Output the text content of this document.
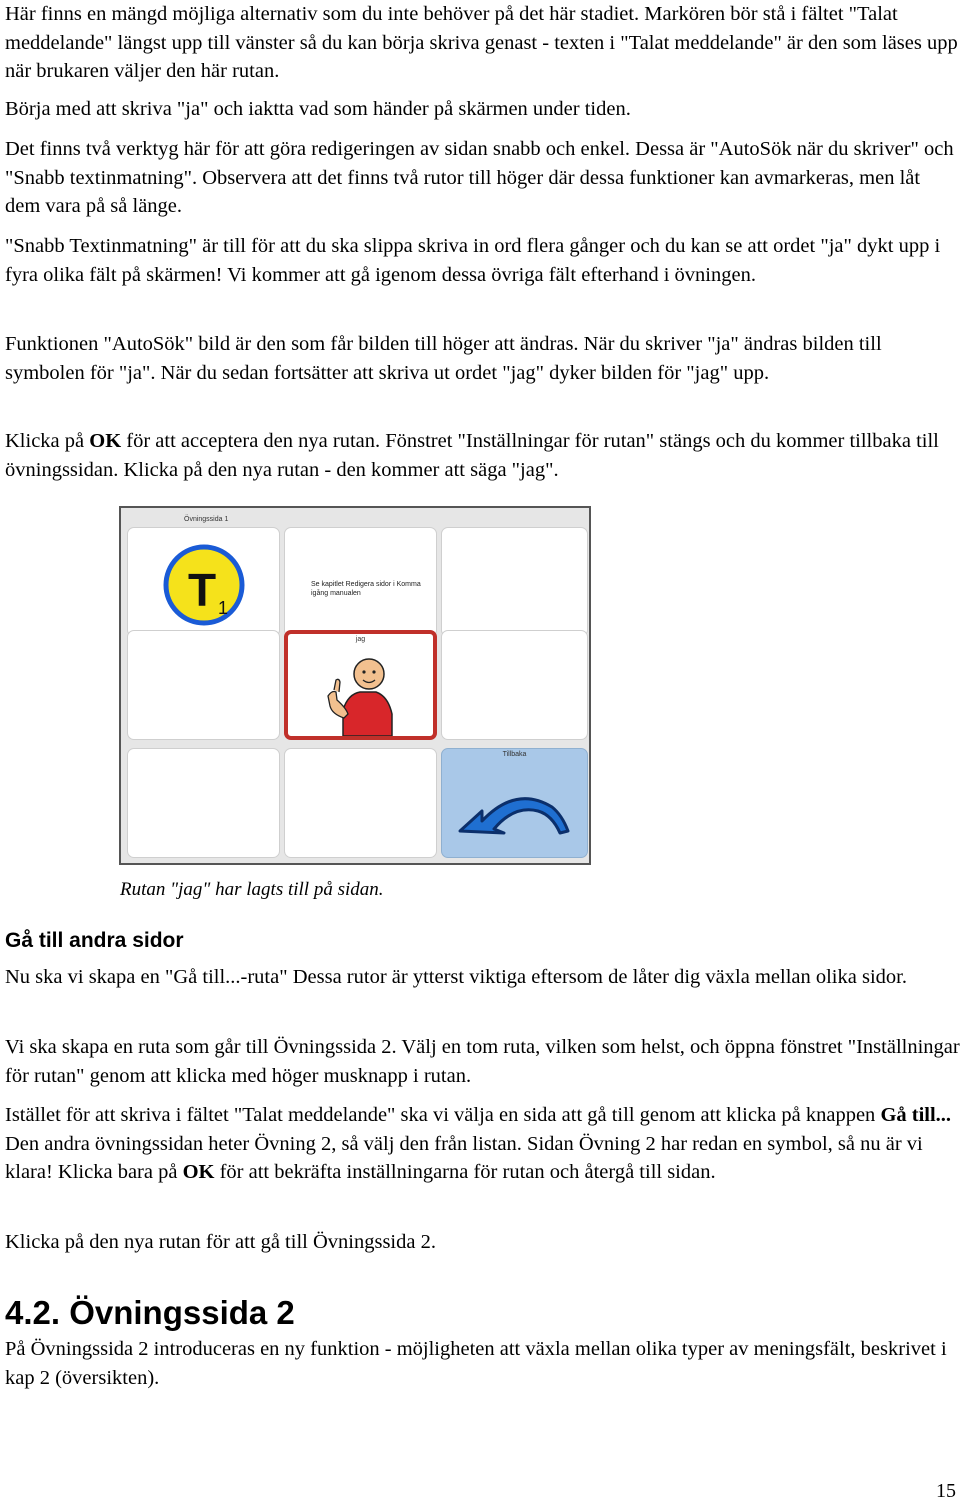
Här finns en mängd möjliga alternativ som du inte behöver på det här stadiet. Markören bör stå i fältet "Talat meddelande" längst upp till vänster så du kan börja skriva genast - texten i "Talat meddelande" är den som läses upp när brukaren väljer den här rutan.

Börja med att skriva "ja" och iaktta vad som händer på skärmen under tiden.

Det finns två verktyg här för att göra redigeringen av sidan snabb och enkel. Dessa är "AutoSök när du skriver" och "Snabb textinmatning". Observera att det finns två rutor till höger där dessa funktioner kan avmarkeras, men låt dem vara på så länge.

"Snabb Textinmatning" är till för att du ska slippa skriva in ord flera gånger och du kan se att ordet "ja" dykt upp i fyra olika fält på skärmen! Vi kommer att gå igenom dessa övriga fält efterhand i övningen.

Funktionen "AutoSök" bild är den som får bilden till höger att ändras. När du skriver "ja" ändras bilden till symbolen för "ja". När du sedan fortsätter att skriva ut ordet "jag" dyker bilden för "jag" upp.

Klicka på OK för att acceptera den nya rutan. Fönstret "Inställningar för rutan" stängs och du kommer tillbaka till övningssidan. Klicka på den nya rutan - den kommer att säga "jag".

Övningssida 1
T 1
Se kapitlet Redigera sidor i Komma igång manualen
jag
Tillbaka
Rutan "jag" har lagts till på sidan.
Gå till andra sidor

Nu ska vi skapa en "Gå till...-ruta" Dessa rutor är ytterst viktiga eftersom de låter dig växla mellan olika sidor.

Vi ska skapa en ruta som går till Övningssida 2. Välj en tom ruta, vilken som helst, och öppna fönstret "Inställningar för rutan" genom att klicka med höger musknapp i rutan.

Istället för att skriva i fältet "Talat meddelande" ska vi välja en sida att gå till genom att klicka på knappen Gå till... Den andra övningssidan heter Övning 2, så välj den från listan. Sidan Övning 2 har redan en symbol, så nu är vi klara! Klicka bara på OK för att bekräfta inställningarna för rutan och återgå till sidan.

Klicka på den nya rutan för att gå till Övningssida 2.

4.2. Övningssida 2

På Övningssida 2 introduceras en ny funktion - möjligheten att växla mellan olika typer av meningsfält, beskrivet i kap 2 (översikten).

15
